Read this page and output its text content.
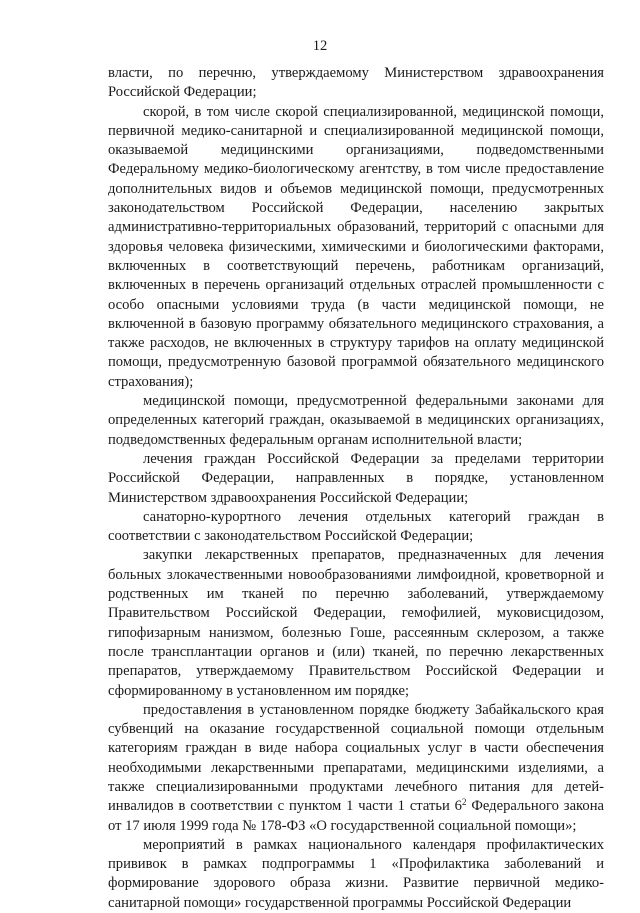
12

власти, по перечню, утверждаемому Министерством здравоохранения Российской Федерации;

скорой, в том числе скорой специализированной, медицинской помощи, первичной медико-санитарной и специализированной медицинской помощи, оказываемой медицинскими организациями, подведомственными Федеральному медико-биологическому агентству, в том числе предоставление дополнительных видов и объемов медицинской помощи, предусмотренных законодательством Российской Федерации, населению закрытых административно-территориальных образований, территорий с опасными для здоровья человека физическими, химическими и биологическими факторами, включенных в соответствующий перечень, работникам организаций, включенных в перечень организаций отдельных отраслей промышленности с особо опасными условиями труда (в части медицинской помощи, не включенной в базовую программу обязательного медицинского страхования, а также расходов, не включенных в структуру тарифов на оплату медицинской помощи, предусмотренную базовой программой обязательного медицинского страхования);

медицинской помощи, предусмотренной федеральными законами для определенных категорий граждан, оказываемой в медицинских организациях, подведомственных федеральным органам исполнительной власти;

лечения граждан Российской Федерации за пределами территории Российской Федерации, направленных в порядке, установленном Министерством здравоохранения Российской Федерации;

санаторно-курортного лечения отдельных категорий граждан в соответствии с законодательством Российской Федерации;

закупки лекарственных препаратов, предназначенных для лечения больных злокачественными новообразованиями лимфоидной, кроветворной и родственных им тканей по перечню заболеваний, утверждаемому Правительством Российской Федерации, гемофилией, муковисцидозом, гипофизарным нанизмом, болезнью Гоше, рассеянным склерозом, а также после трансплантации органов и (или) тканей, по перечню лекарственных препаратов, утверждаемому Правительством Российской Федерации и сформированному в установленном им порядке;

предоставления в установленном порядке бюджету Забайкальского края субвенций на оказание государственной социальной помощи отдельным категориям граждан в виде набора социальных услуг в части обеспечения необходимыми лекарственными препаратами, медицинскими изделиями, а также специализированными продуктами лечебного питания для детей-инвалидов в соответствии с пунктом 1 части 1 статьи $6^2$ Федерального закона от 17 июля 1999 года № 178-ФЗ «О государственной социальной помощи»;

мероприятий в рамках национального календаря профилактических прививок в рамках подпрограммы 1 «Профилактика заболеваний и формирование здорового образа жизни. Развитие первичной медико-санитарной помощи» государственной программы Российской Федерации
